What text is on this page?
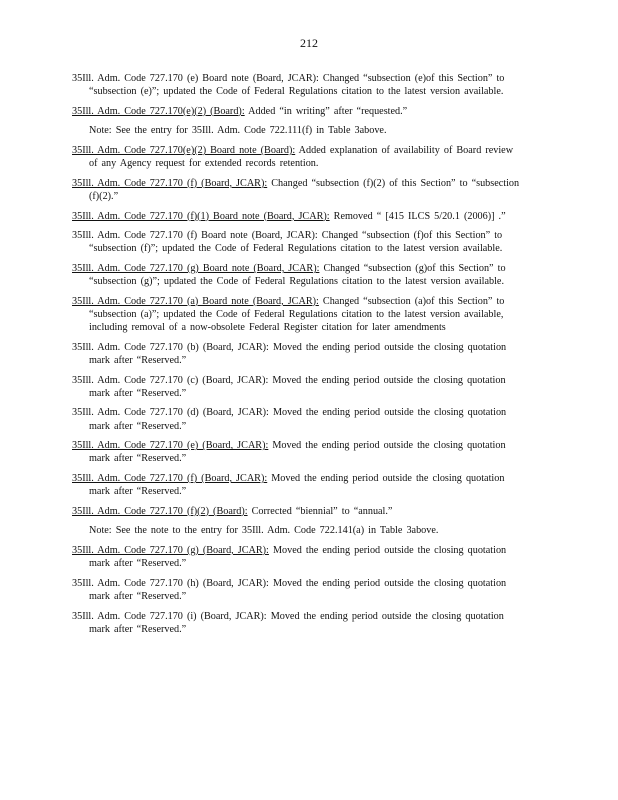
212

35Ill. Adm. Code 727.170 (e) Board note (Board, JCAR): Changed “subsection (e)of this Section” to “subsection (e)”; updated the Code of Federal Regulations citation to the latest version available.

35Ill. Adm. Code 727.170(e)(2) (Board): Added “in writing” after “requested.”

Note: See the entry for 35Ill. Adm. Code 722.111(f) in Table 3above.

35Ill. Adm. Code 727.170(e)(2) Board note (Board): Added explanation of availability of Board review of any Agency request for extended records retention.

35Ill. Adm. Code 727.170 (f) (Board, JCAR): Changed “subsection (f)(2) of this Section” to “subsection (f)(2).”

35Ill. Adm. Code 727.170 (f)(1) Board note (Board, JCAR): Removed “ [415 ILCS 5/20.1 (2006)] .”

35Ill. Adm. Code 727.170 (f) Board note (Board, JCAR): Changed “subsection (f)of this Section” to “subsection (f)”; updated the Code of Federal Regulations citation to the latest version available.

35Ill. Adm. Code 727.170 (g) Board note (Board, JCAR): Changed “subsection (g)of this Section” to “subsection (g)”; updated the Code of Federal Regulations citation to the latest version available.

35Ill. Adm. Code 727.170 (a) Board note (Board, JCAR): Changed “subsection (a)of this Section” to “subsection (a)”; updated the Code of Federal Regulations citation to the latest version available, including removal of a now-obsolete Federal Register citation for later amendments

35Ill. Adm. Code 727.170 (b) (Board, JCAR): Moved the ending period outside the closing quotation mark after “Reserved.”

35Ill. Adm. Code 727.170 (c) (Board, JCAR): Moved the ending period outside the closing quotation mark after “Reserved.”

35Ill. Adm. Code 727.170 (d) (Board, JCAR): Moved the ending period outside the closing quotation mark after “Reserved.”

35Ill. Adm. Code 727.170 (e) (Board, JCAR): Moved the ending period outside the closing quotation mark after “Reserved.”

35Ill. Adm. Code 727.170 (f) (Board, JCAR): Moved the ending period outside the closing quotation mark after “Reserved.”

35Ill. Adm. Code 727.170 (f)(2) (Board): Corrected “biennial” to “annual.”

Note: See the note to the entry for 35Ill. Adm. Code 722.141(a) in Table 3above.

35Ill. Adm. Code 727.170 (g) (Board, JCAR): Moved the ending period outside the closing quotation mark after “Reserved.”

35Ill. Adm. Code 727.170 (h) (Board, JCAR): Moved the ending period outside the closing quotation mark after “Reserved.”

35Ill. Adm. Code 727.170 (i) (Board, JCAR): Moved the ending period outside the closing quotation mark after “Reserved.”
